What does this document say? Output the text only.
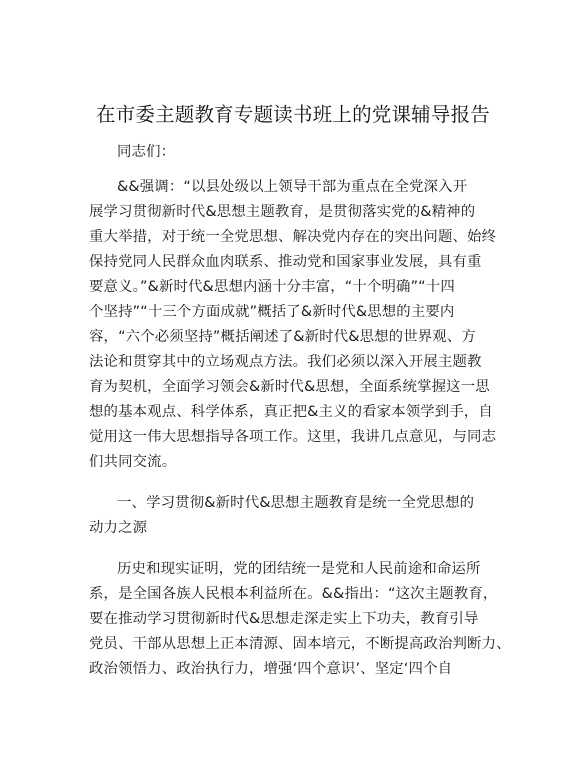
在市委主题教育专题读书班上的党课辅导报告
同志们：
&&强调：“以县处级以上领导干部为重点在全党深入开
展学习贯彻新时代&思想主题教育，是贯彻落实党的&精神的
重大举措，对于统一全党思想、解决党内存在的突出问题、始终
保持党同人民群众血肉联系、推动党和国家事业发展，具有重
要意义。”&新时代&思想内涵十分丰富，“十个明确”“十四
个坚持”“十三个方面成就”概括了&新时代&思想的主要内
容，“六个必须坚持”概括阐述了&新时代&思想的世界观、方
法论和贯穿其中的立场观点方法。我们必须以深入开展主题教
育为契机，全面学习领会&新时代&思想，全面系统掌握这一思
想的基本观点、科学体系，真正把&主义的看家本领学到手，自
觉用这一伟大思想指导各项工作。这里，我讲几点意见，与同志
们共同交流。
一、学习贯彻&新时代&思想主题教育是统一全党思想的
动力之源
历史和现实证明，党的团结统一是党和人民前途和命运所
系，是全国各族人民根本利益所在。&&指出：“这次主题教育，
要在推动学习贯彻新时代&思想走深走实上下功夫，教育引导
党员、干部从思想上正本清源、固本培元，不断提高政治判断力、
政治领悟力、政治执行力，增强‘四个意识’、坚定‘四个自
